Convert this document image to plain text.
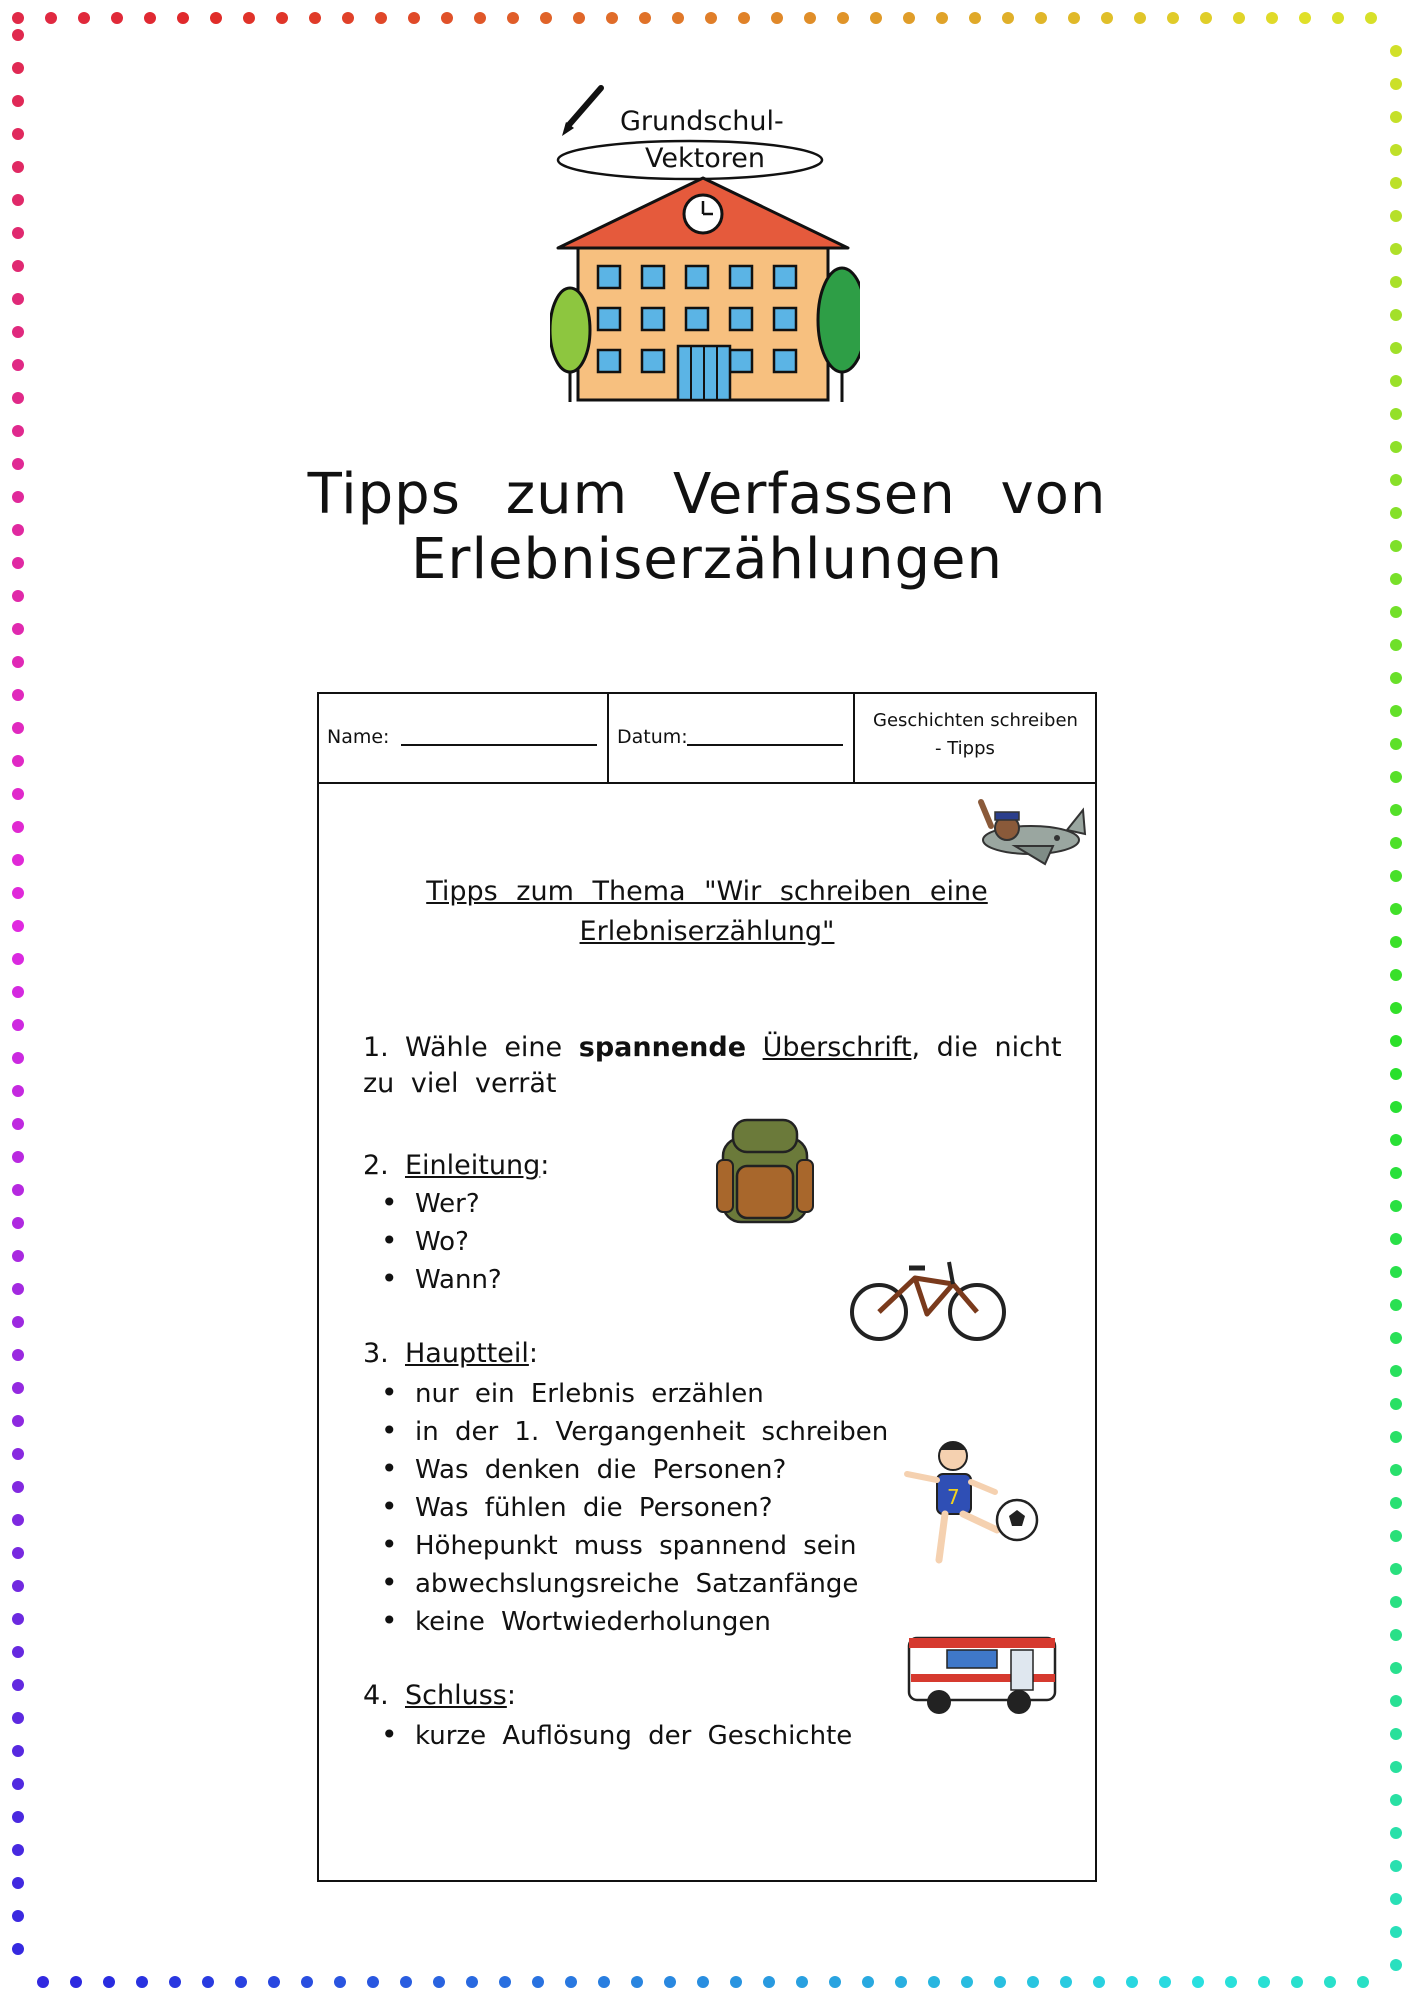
Grundschul-
Vektoren
Tipps zum Verfassen von Erlebniserzählungen
Name:	Datum:
Geschichten schreiben
- Tipps
Tipps zum Thema "Wir schreiben eine
Erlebniserzählung"
1. Wähle eine spannende Überschrift, die nicht
zu viel verrät
2. Einleitung:
• Wer?
• Wo?
• Wann?
3. Hauptteil:
• nur ein Erlebnis erzählen
• in der 1. Vergangenheit schreiben
• Was denken die Personen?
• Was fühlen die Personen?
• Höhepunkt muss spannend sein
• abwechslungsreiche Satzanfänge
• keine Wortwiederholungen
7
4. Schluss:
• kurze Auflösung der Geschichte
